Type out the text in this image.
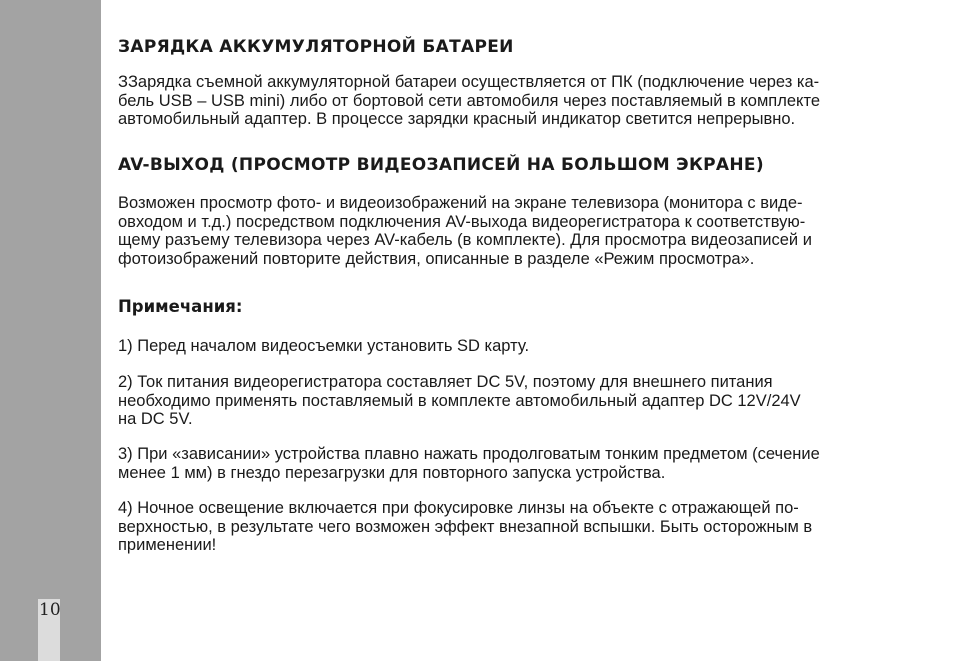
10
ЗАРЯДКА АККУМУЛЯТОРНОЙ БАТАРЕИ
ЗЗарядка съемной аккумуляторной батареи осуществляется от ПК (подключение через ка-
бель USB – USB mini) либо от бортовой сети автомобиля через поставляемый в комплекте
автомобильный адаптер. В процессе зарядки красный индикатор светится непрерывно.
AV-ВЫХОД (ПРОСМОТР ВИДЕОЗАПИСЕЙ НА БОЛЬШОМ ЭКРАНЕ)
Возможен просмотр фото- и видеоизображений на экране телевизора (монитора с виде-
овходом и т.д.) посредством подключения AV-выхода видеорегистратора к соответствую-
щему разъему телевизора через AV-кабель (в комплекте). Для просмотра видеозаписей и
фотоизображений повторите действия, описанные в разделе «Режим просмотра».
Примечания:
1) Перед началом видеосъемки установить SD карту.
2) Ток питания видеорегистратора составляет DC 5V, поэтому для внешнего питания
необходимо применять поставляемый в комплекте автомобильный адаптер DC 12V/24V
на DC 5V.
3) При «зависании» устройства плавно нажать продолговатым тонким предметом (сечение
менее 1 мм) в гнездо перезагрузки для повторного запуска устройства.
4) Ночное освещение включается при фокусировке линзы на объекте с отражающей по-
верхностью, в результате чего возможен эффект внезапной вспышки. Быть осторожным в
применении!
